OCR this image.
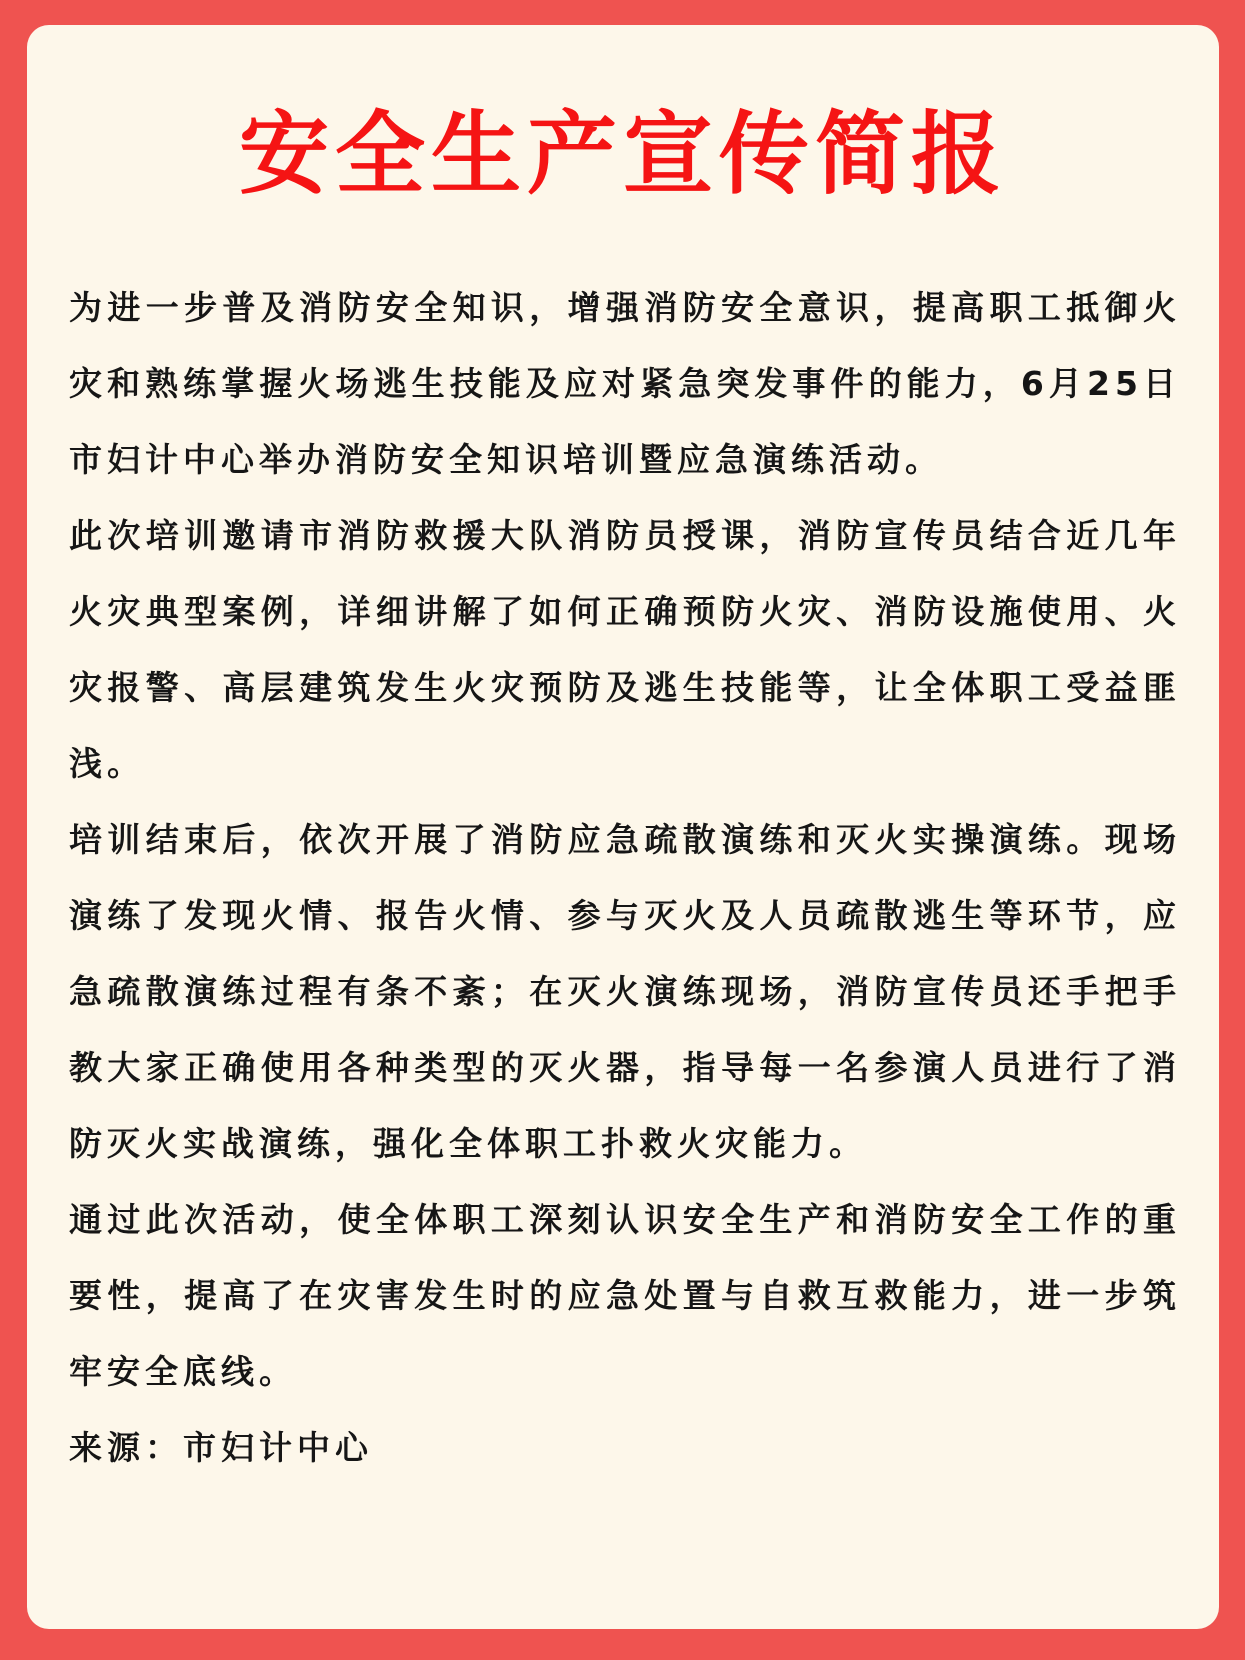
安全生产宣传简报

为进一步普及消防安全知识，增强消防安全意识，提高职工抵御火灾和熟练掌握火场逃生技能及应对紧急突发事件的能力，6月25日市妇计中心举办消防安全知识培训暨应急演练活动。

此次培训邀请市消防救援大队消防员授课，消防宣传员结合近几年火灾典型案例，详细讲解了如何正确预防火灾、消防设施使用、火灾报警、高层建筑发生火灾预防及逃生技能等，让全体职工受益匪浅。

培训结束后，依次开展了消防应急疏散演练和灭火实操演练。现场演练了发现火情、报告火情、参与灭火及人员疏散逃生等环节，应急疏散演练过程有条不紊；在灭火演练现场，消防宣传员还手把手教大家正确使用各种类型的灭火器，指导每一名参演人员进行了消防灭火实战演练，强化全体职工扑救火灾能力。

通过此次活动，使全体职工深刻认识安全生产和消防安全工作的重要性，提高了在灾害发生时的应急处置与自救互救能力，进一步筑牢安全底线。

来源：市妇计中心
